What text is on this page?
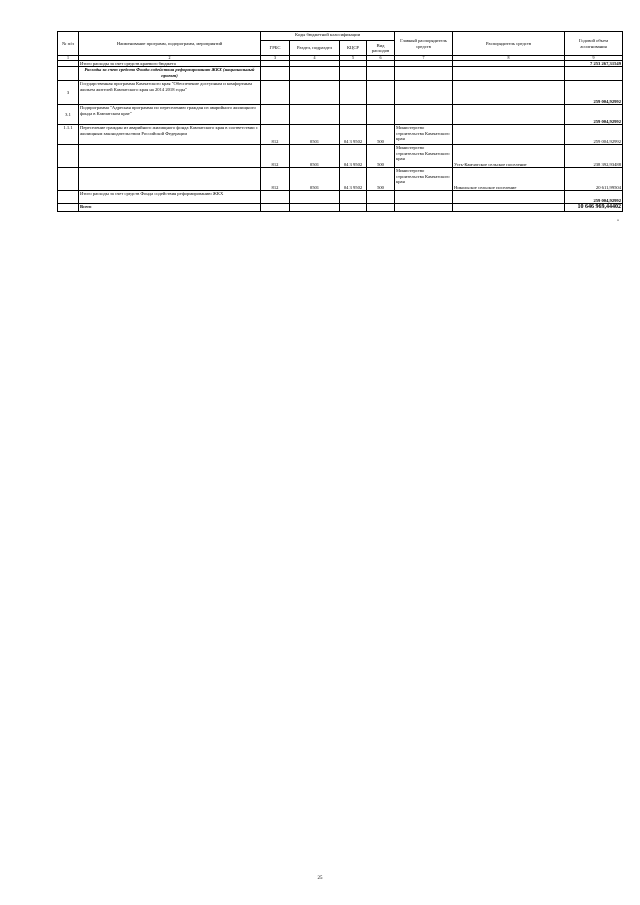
№ п/п	Наименование программ, подпрограмм, мероприятий	Коды бюджетной классификации				Главный распорядитель средств	Распорядитель средств	Годовой объем ассигнования
		ГРБС	Раздел, подраздел	КЦСР	Вид расходов			
1	2	3	4	5	6	7	8	9
	Итого расходы за счет средств краевого бюджета							7 253 267,31549
	Расходы за счет средств Фонда содействия реформированию ЖКХ (национальный проект)							
3	Государственная программа Камчатского края "Обеспечение доступным и комфортным жильем жителей Камчатского края на 2014 2018 годы"							259 004,92992
3.1	Подпрограмма "Адресная программа по переселению граждан из аварийного жилищного фонда в Камчатском крае"							259 004,92992
1.1.1	Переселение граждан из аварийного жилищного фонда Камчатского края в соответствии с жилищным законодательством Российской Федерации	812	0501	04 3 9502	500	Министерство строительства Камчатского края		259 004,92992
		812	0501	04 3 9502	500	Министерство строительства Камчатского края	Усть-Камчатское сельское поселение	238 392,93488
		812	0501	04 3 9502	500	Министерство строительства Камчатского края	Никольское сельское поселение	20 611,99504
	Итого расходы за счет средств Фонда содействия реформированию ЖКХ							259 004,92992
	Всего							10 646 969,44402
»
25
